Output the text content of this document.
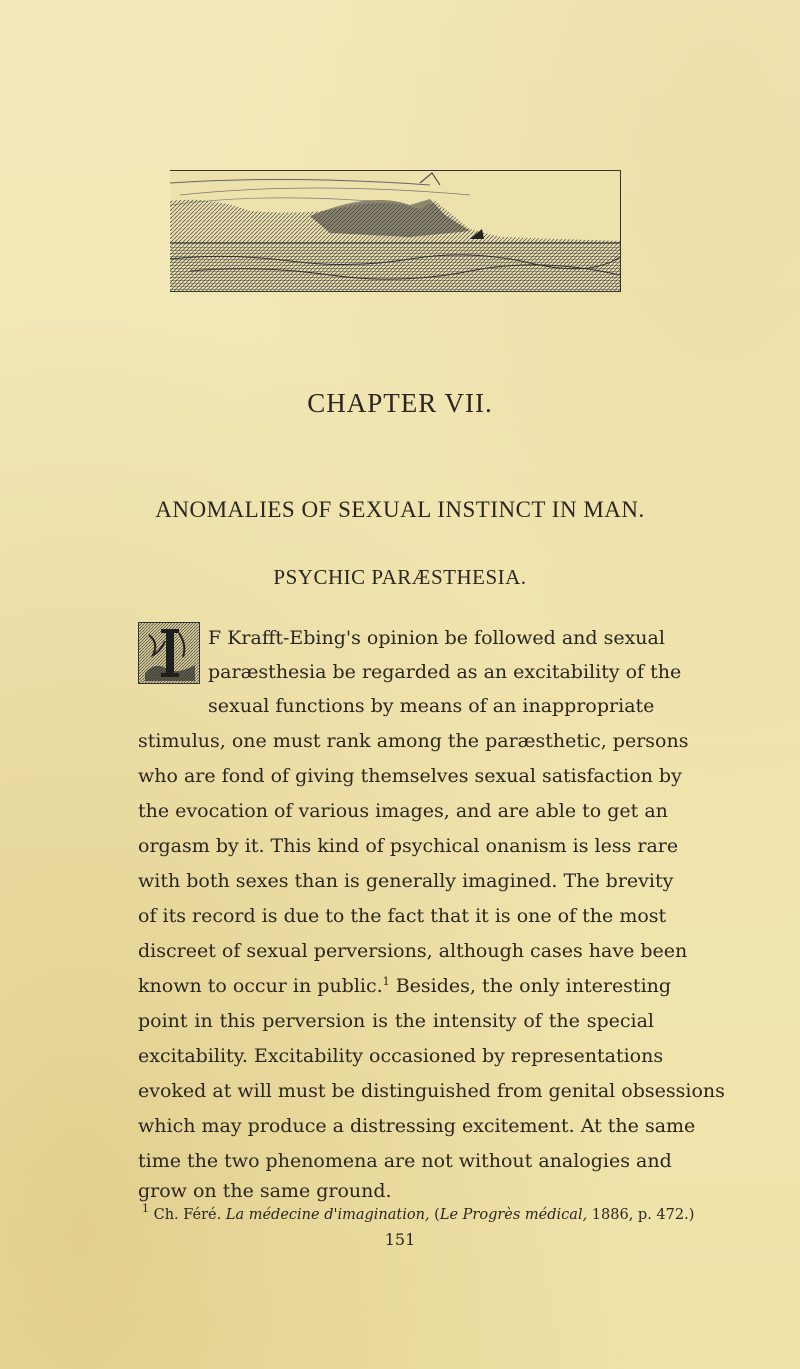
CHAPTER VII.
ANOMALIES OF SEXUAL INSTINCT IN MAN.
PSYCHIC PARÆSTHESIA.
F Krafft-Ebing's opinion be followed and sexual
paræsthesia be regarded as an excitability of the
sexual functions by means of an inappropriate
stimulus, one must rank among the paræsthetic, persons
who are fond of giving themselves sexual satisfaction by
the evocation of various images, and are able to get an
orgasm by it. This kind of psychical onanism is less rare
with both sexes than is generally imagined. The brevity
of its record is due to the fact that it is one of the most
discreet of sexual perversions, although cases have been
known to occur in public.$^1$ Besides, the only interesting
point in this perversion is the intensity of the special
excitability. Excitability occasioned by representations
evoked at will must be distinguished from genital obsessions
which may produce a distressing excitement. At the same
time the two phenomena are not without analogies and
grow on the same ground.
$^1$ Ch. Féré. La médecine d'imagination, (Le Progrès médical, 1886, p. 472.)
151
